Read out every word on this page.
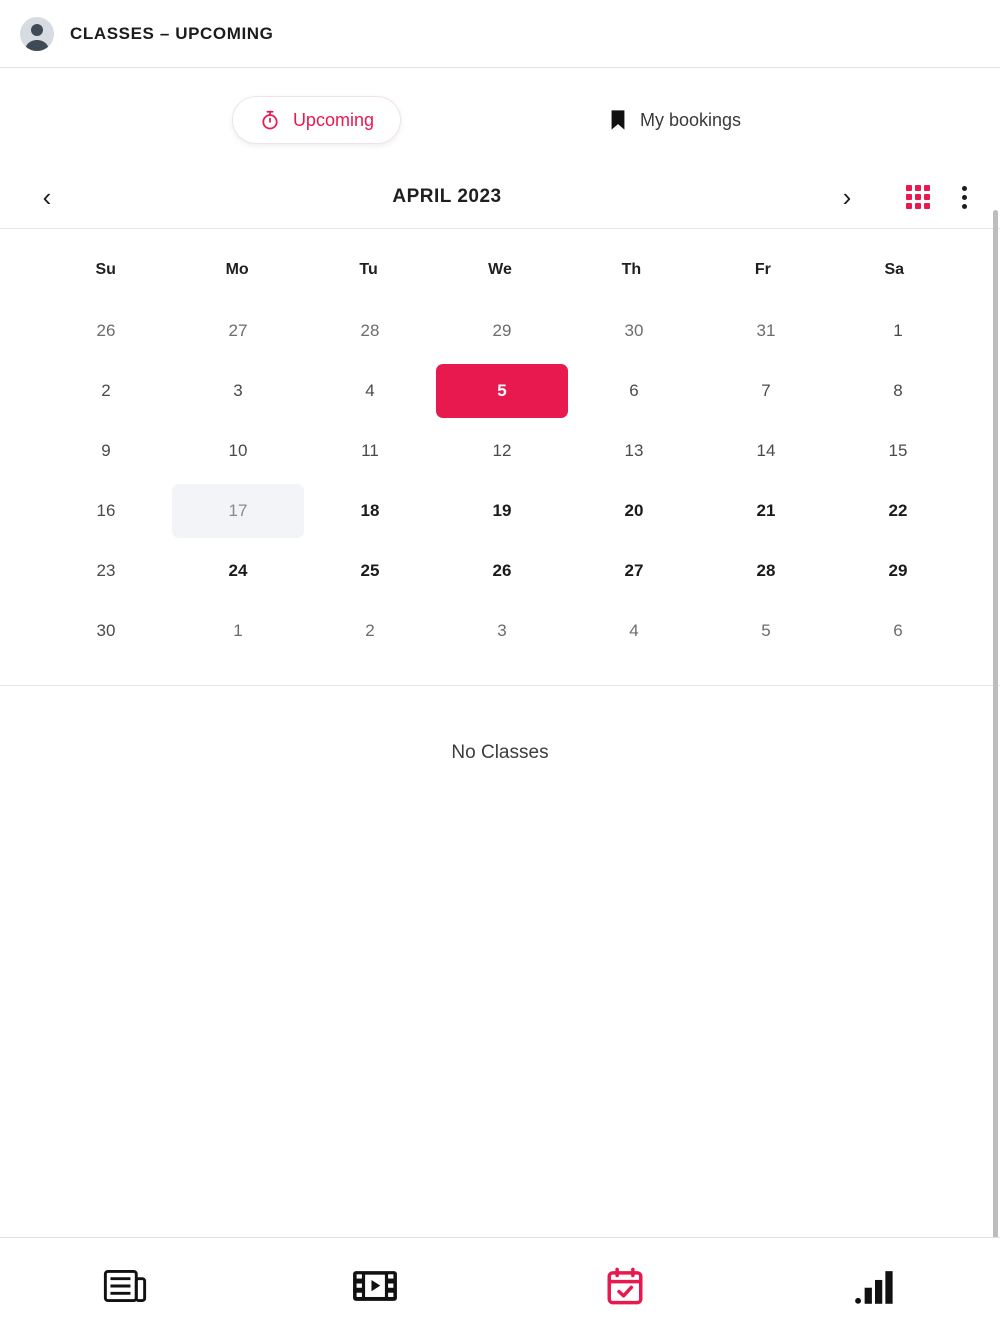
CLASSES – UPCOMING
Upcoming	My bookings
‹	APRIL 2023	›
Su	Mo	Tu	We	Th	Fr	Sa
26	27	28	29	30	31	1
2	3	4	5	6	7	8
9	10	11	12	13	14	15
16	17	18	19	20	21	22
23	24	25	26	27	28	29
30	1	2	3	4	5	6
No Classes
